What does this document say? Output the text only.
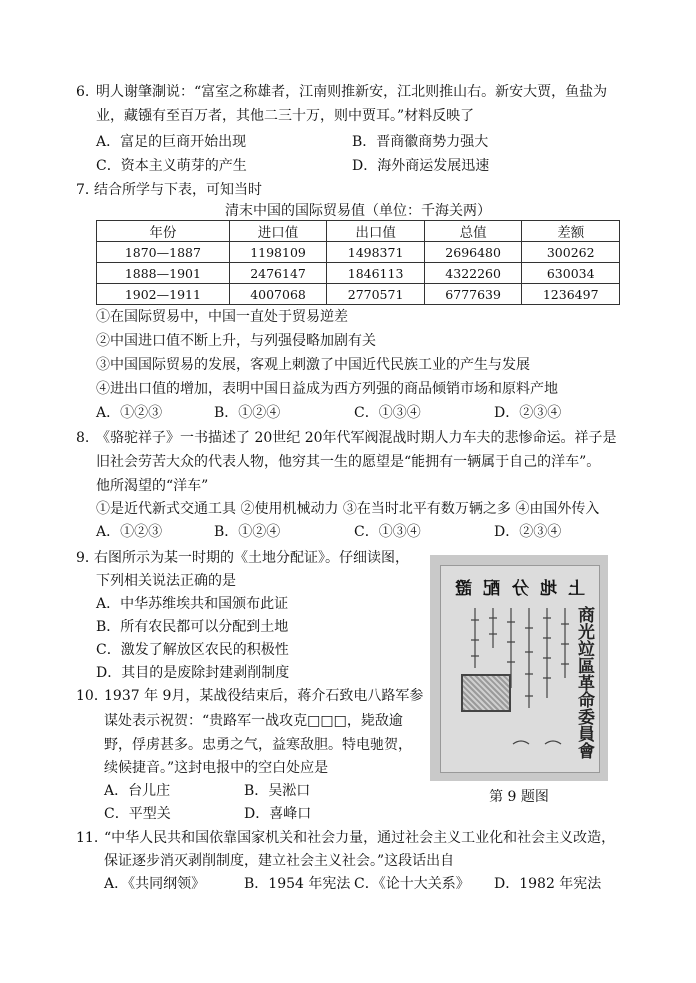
6. 明人谢肇淛说：“富室之称雄者，江南则推新安，江北则推山右。新安大贾，鱼盐为
业，藏镪有至百万者，其他二三十万，则中贾耳。”材料反映了
A．富足的巨商开始出现	B．晋商徽商势力强大
C．资本主义萌芽的产生	D．海外商运发展迅速
7．
结合所学与下表，可知当时
清末中国的国际贸易值（单位：千海关两）
年份	进口值	出口值	总值	差额
1870—1887	1198109	1498371	2696480	300262
1888—1901	2476147	1846113	4322260	630034
1902—1911	4007068	2770571	6777639	1236497
①在国际贸易中，中国一直处于贸易逆差
②中国进口值不断上升，与列强侵略加剧有关
③中国国际贸易的发展，客观上刺激了中国近代民族工业的产生与发展
④进出口值的增加，表明中国日益成为西方列强的商品倾销市场和原料产地
A．①②③	B．①②④	C．①③④	D．②③④
8. 《骆驼祥子》一书描述了 20世纪 20年代军阀混战时期人力车夫的悲惨命运。祥子是
旧社会劳苦大众的代表人物，他穷其一生的愿望是“能拥有一辆属于自己的洋车”。
他所渴望的“洋车”
①是近代新式交通工具 ②使用机械动力 ③在当时北平有数万辆之多 ④由国外传入
A．①②③	B．①②④	C．①③④	D．②③④
9．
右图所示为某一时期的《土地分配证》。仔细读图，
下列相关说法正确的是
A．中华苏维埃共和国颁布此证
B．所有农民都可以分配到土地
C．激发了解放区农民的积极性
D．其目的是废除封建剥削制度
證 配 分 地 上
商光竝區革命委員會
第 9 题图
10．
1937 年 9月，某战役结束后，蒋介石致电八路军参
谋处表示祝贺：“贵路军一战攻克□□□，毙敌逾
野，俘虏甚多。忠勇之气，益寒敌胆。特电驰贺，
续候捷音。”这封电报中的空白处应是
A．台儿庄	B．吴淞口
C．平型关	D．喜峰口
11. “中华人民共和国依靠国家机关和社会力量，通过社会主义工业化和社会主义改造，
保证逐步消灭剥削制度，建立社会主义社会。”这段话出自
A．《共同纲领》	B．1954 年宪法 C．《论十大关系》 D．1982 年宪法
